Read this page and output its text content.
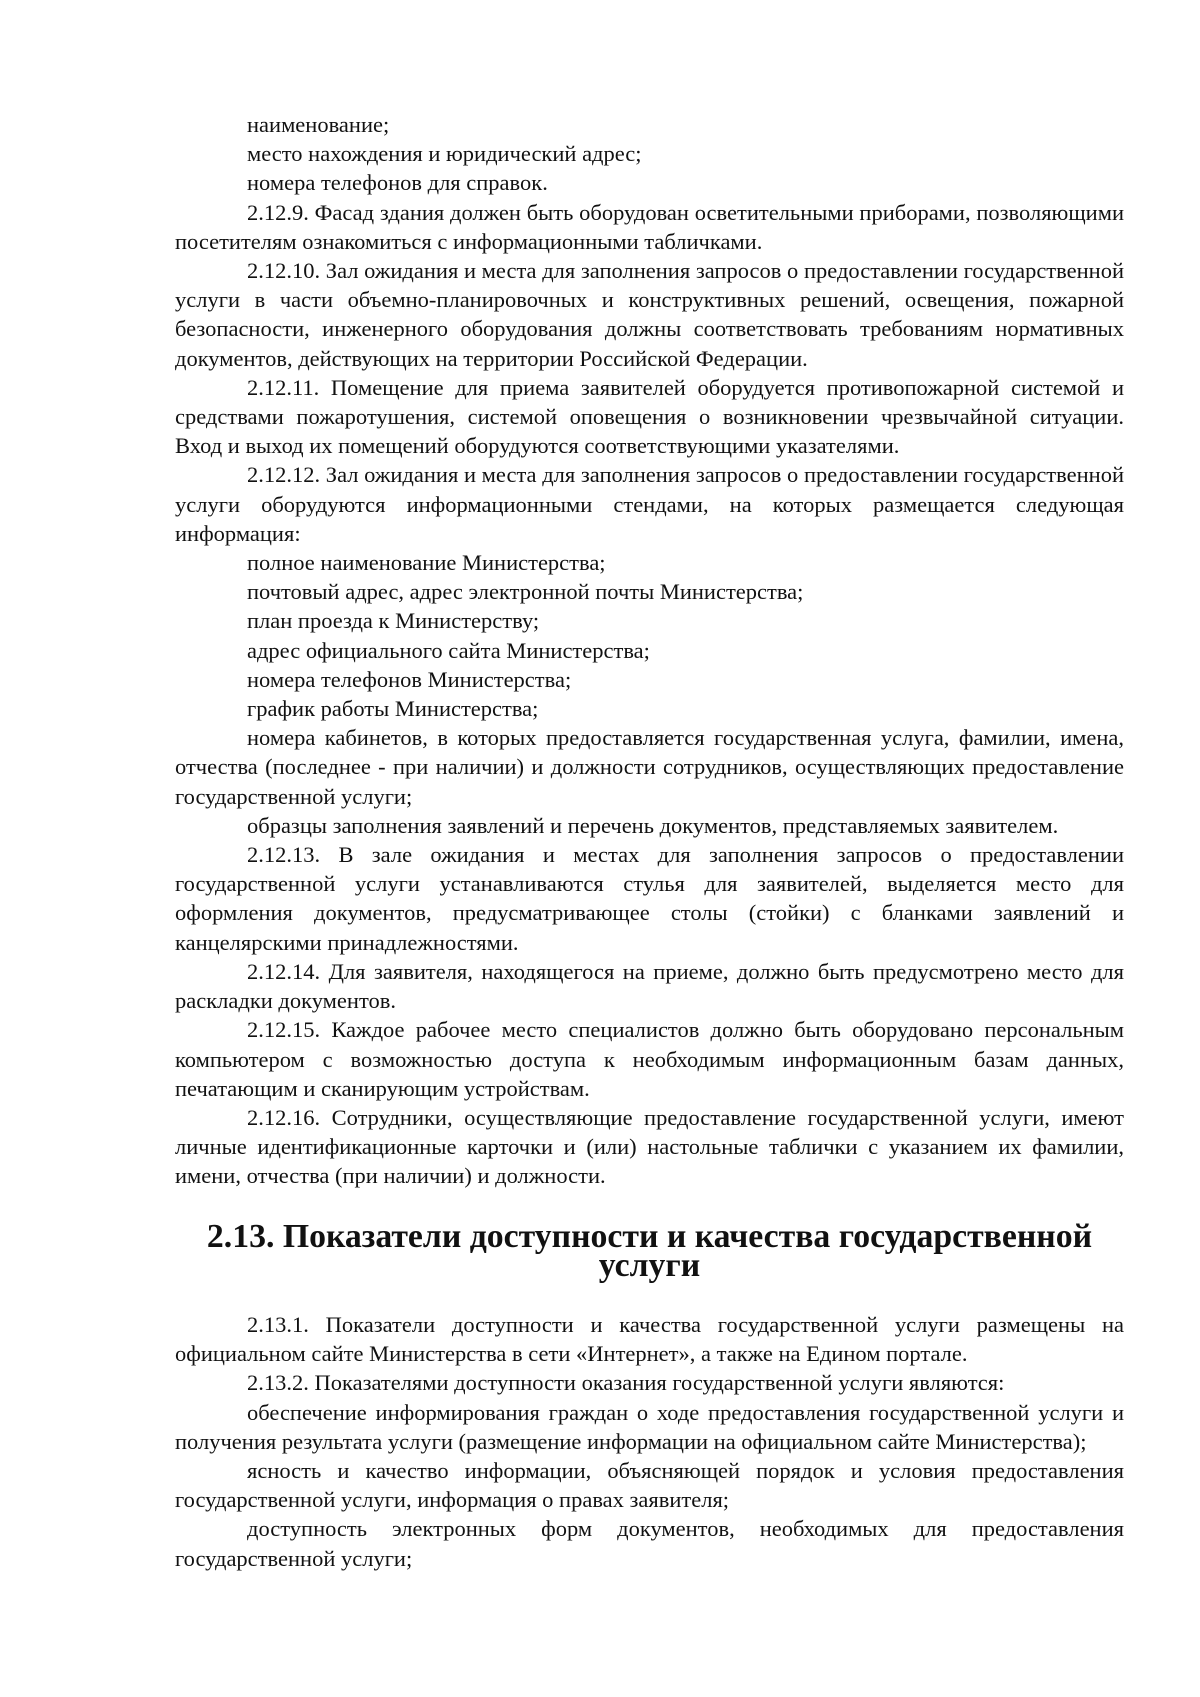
наименование;

место нахождения и юридический адрес;

номера телефонов для справок.

2.12.9. Фасад здания должен быть оборудован осветительными приборами, позволяющими посетителям ознакомиться с информационными табличками.

2.12.10. Зал ожидания и места для заполнения запросов о предоставлении государственной услуги в части объемно-планировочных и конструктивных решений, освещения, пожарной безопасности, инженерного оборудования должны соответствовать требованиям нормативных документов, действующих на территории Российской Федерации.

2.12.11. Помещение для приема заявителей оборудуется противопожарной системой и средствами пожаротушения, системой оповещения о возникновении чрезвычайной ситуации. Вход и выход их помещений оборудуются соответствующими указателями.

2.12.12. Зал ожидания и места для заполнения запросов о предоставлении государственной услуги оборудуются информационными стендами, на которых размещается следующая информация:

полное наименование Министерства;

почтовый адрес, адрес электронной почты Министерства;

план проезда к Министерству;

адрес официального сайта Министерства;

номера телефонов Министерства;

график работы Министерства;

номера кабинетов, в которых предоставляется государственная услуга, фамилии, имена, отчества (последнее - при наличии) и должности сотрудников, осуществляющих предоставление государственной услуги;

образцы заполнения заявлений и перечень документов, представляемых заявителем.

2.12.13. В зале ожидания и местах для заполнения запросов о предоставлении государственной услуги устанавливаются стулья для заявителей, выделяется место для оформления документов, предусматривающее столы (стойки) с бланками заявлений и канцелярскими принадлежностями.

2.12.14. Для заявителя, находящегося на приеме, должно быть предусмотрено место для раскладки документов.

2.12.15. Каждое рабочее место специалистов должно быть оборудовано персональным компьютером с возможностью доступа к необходимым информационным базам данных, печатающим и сканирующим устройствам.

2.12.16. Сотрудники, осуществляющие предоставление государственной услуги, имеют личные идентификационные карточки и (или) настольные таблички с указанием их фамилии, имени, отчества (при наличии) и должности.

2.13. Показатели доступности и качества государственной услуги

2.13.1. Показатели доступности и качества государственной услуги размещены на официальном сайте Министерства в сети «Интернет», а также на Едином портале.

2.13.2. Показателями доступности оказания государственной услуги являются:

обеспечение информирования граждан о ходе предоставления государственной услуги и получения результата услуги (размещение информации на официальном сайте Министерства);

ясность и качество информации, объясняющей порядок и условия предоставления государственной услуги, информация о правах заявителя;

доступность электронных форм документов, необходимых для предоставления государственной услуги;
